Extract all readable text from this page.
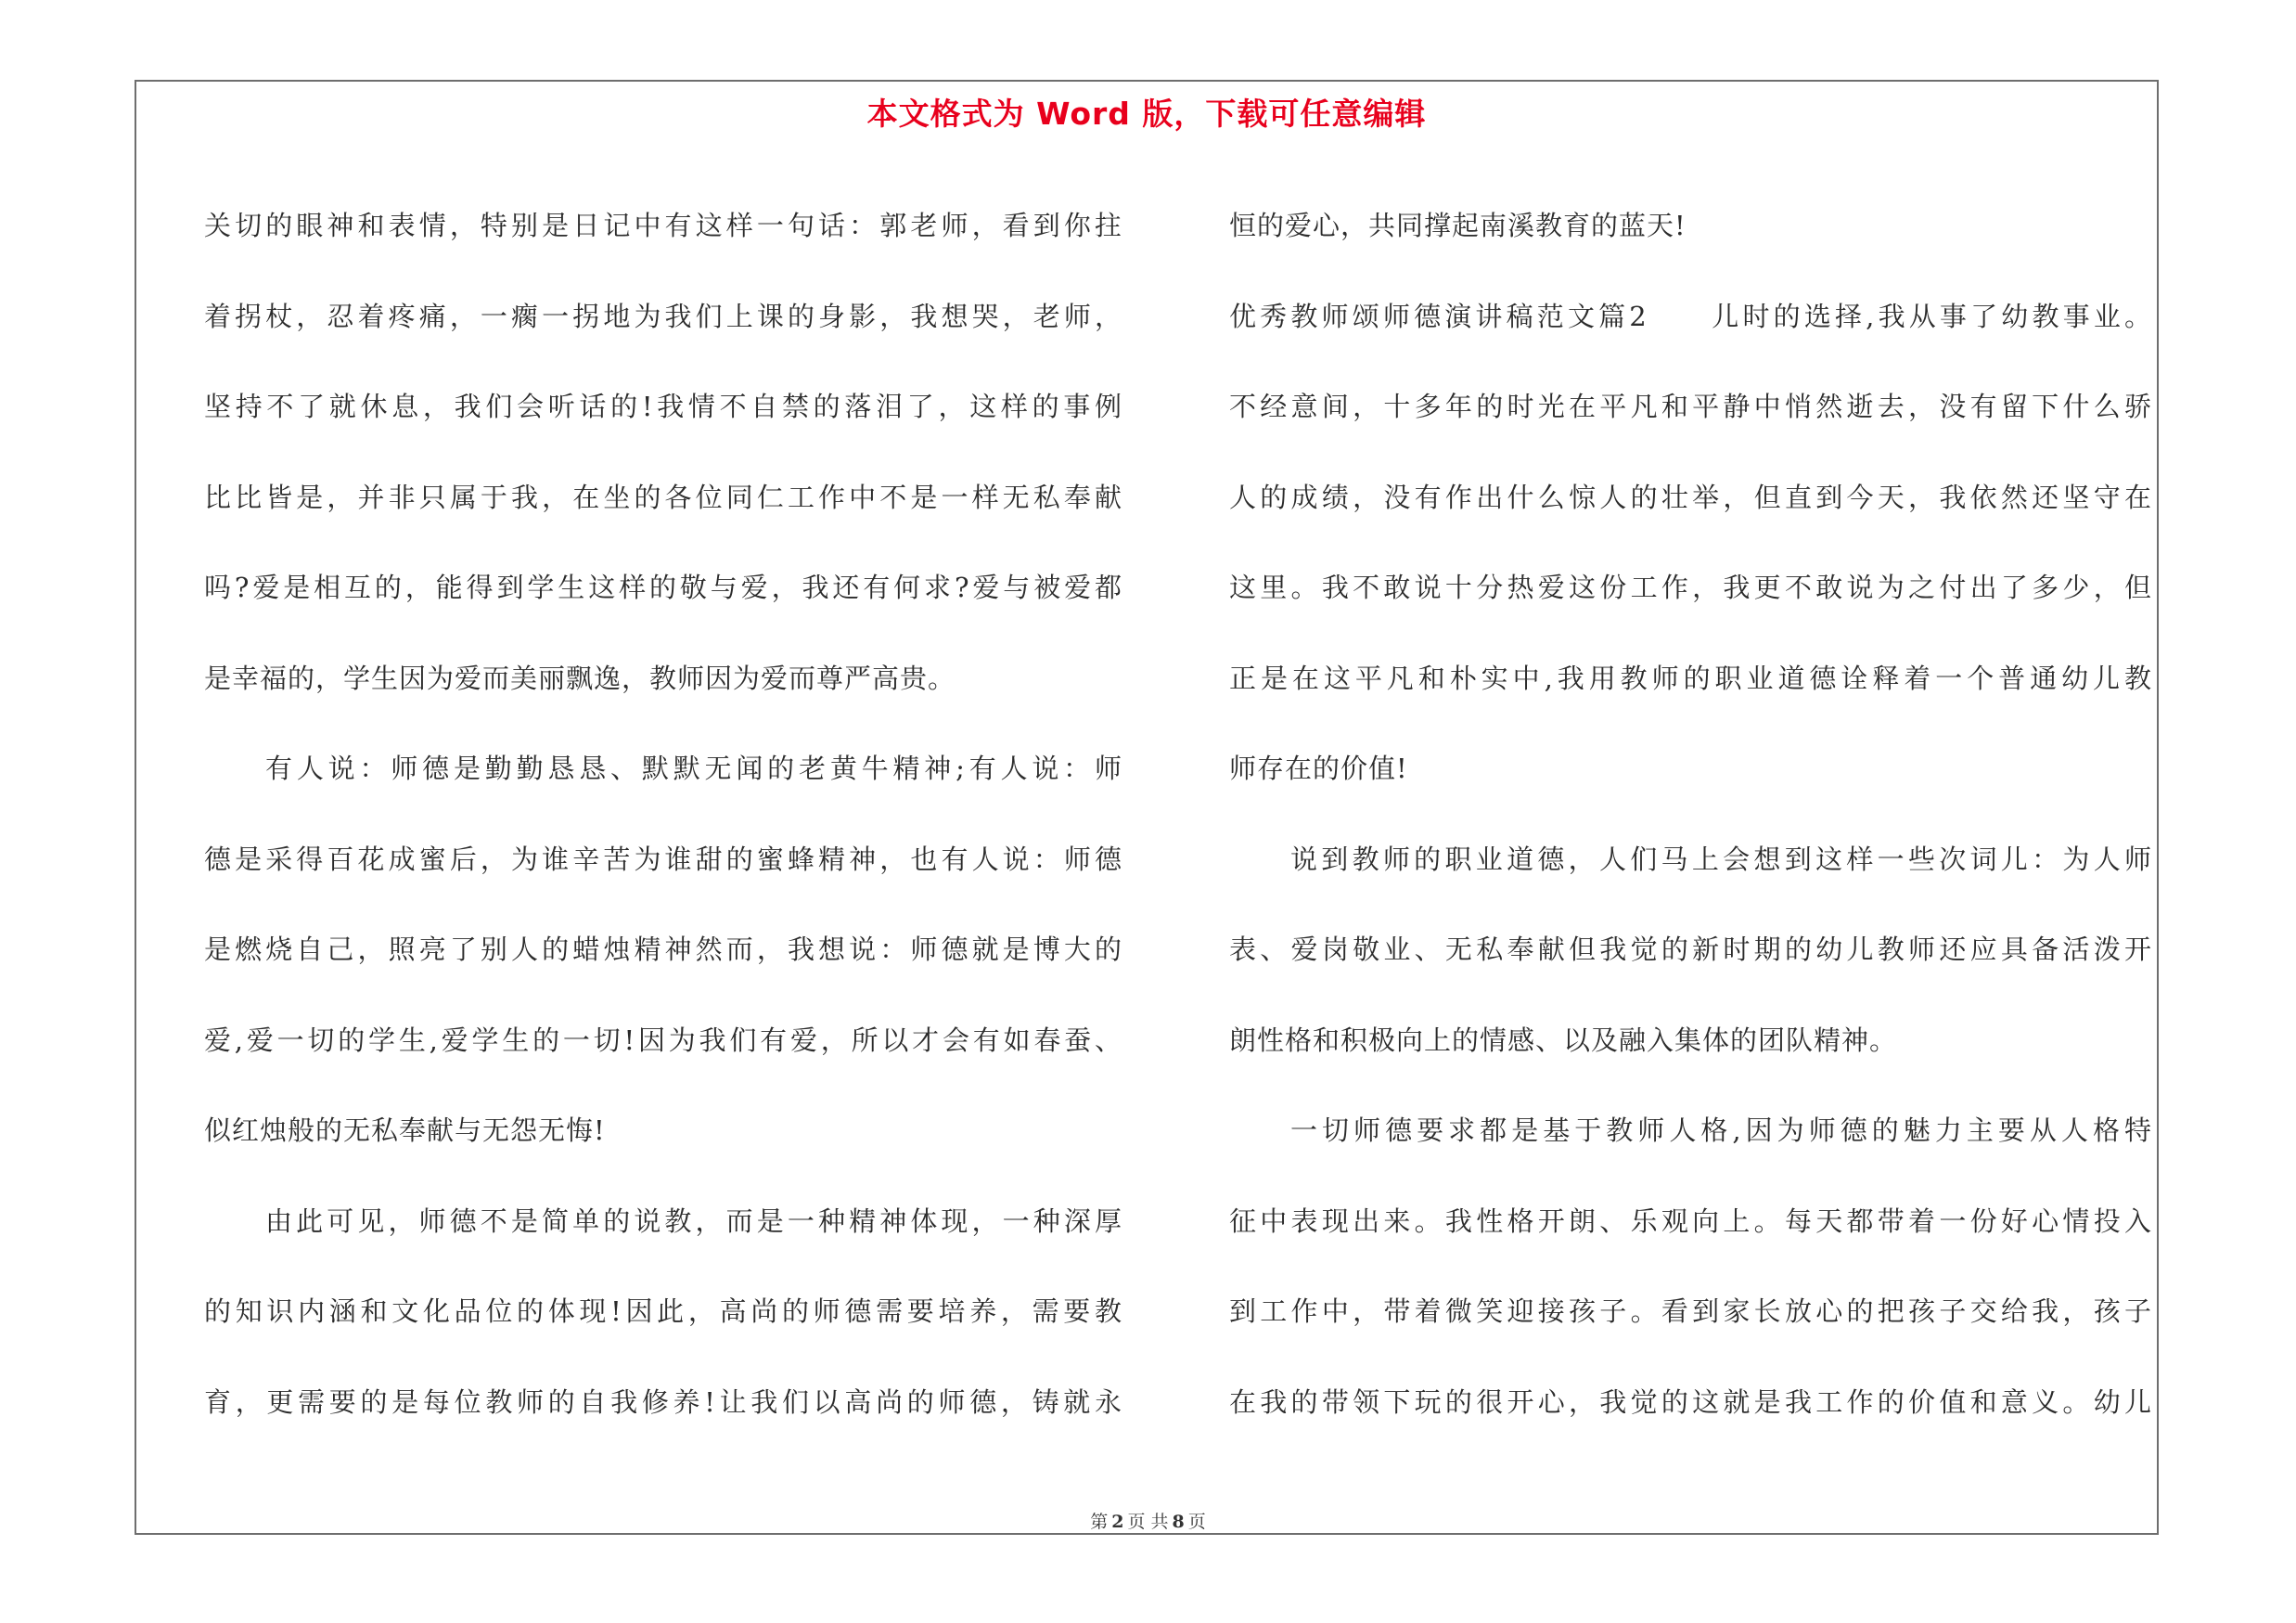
本文格式为 Word 版，下载可任意编辑
关切的眼神和表情，特别是日记中有这样一句话：郭老师，看到你拄
着拐杖，忍着疼痛，一瘸一拐地为我们上课的身影，我想哭，老师，
坚持不了就休息，我们会听话的!我情不自禁的落泪了，这样的事例
比比皆是，并非只属于我，在坐的各位同仁工作中不是一样无私奉献
吗?爱是相互的，能得到学生这样的敬与爱，我还有何求?爱与被爱都
是幸福的，学生因为爱而美丽飘逸，教师因为爱而尊严高贵。
有人说：师德是勤勤恳恳、默默无闻的老黄牛精神;有人说：师
德是采得百花成蜜后，为谁辛苦为谁甜的蜜蜂精神，也有人说：师德
是燃烧自己，照亮了别人的蜡烛精神然而，我想说：师德就是博大的
爱,爱一切的学生,爱学生的一切!因为我们有爱，所以才会有如春蚕、
似红烛般的无私奉献与无怨无悔!
由此可见，师德不是简单的说教，而是一种精神体现，一种深厚
的知识内涵和文化品位的体现!因此，高尚的师德需要培养，需要教
育，更需要的是每位教师的自我修养!让我们以高尚的师德，铸就永
恒的爱心，共同撑起南溪教育的蓝天!
优秀教师颂师德演讲稿范文篇2　　儿时的选择,我从事了幼教事业。
不经意间，十多年的时光在平凡和平静中悄然逝去，没有留下什么骄
人的成绩，没有作出什么惊人的壮举，但直到今天，我依然还坚守在
这里。我不敢说十分热爱这份工作，我更不敢说为之付出了多少，但
正是在这平凡和朴实中,我用教师的职业道德诠释着一个普通幼儿教
师存在的价值!
说到教师的职业道德，人们马上会想到这样一些次词儿：为人师
表、爱岗敬业、无私奉献但我觉的新时期的幼儿教师还应具备活泼开
朗性格和积极向上的情感、以及融入集体的团队精神。
一切师德要求都是基于教师人格,因为师德的魅力主要从人格特
征中表现出来。我性格开朗、乐观向上。每天都带着一份好心情投入
到工作中，带着微笑迎接孩子。看到家长放心的把孩子交给我，孩子
在我的带领下玩的很开心，我觉的这就是我工作的价值和意义。幼儿
第 2 页 共 8 页
